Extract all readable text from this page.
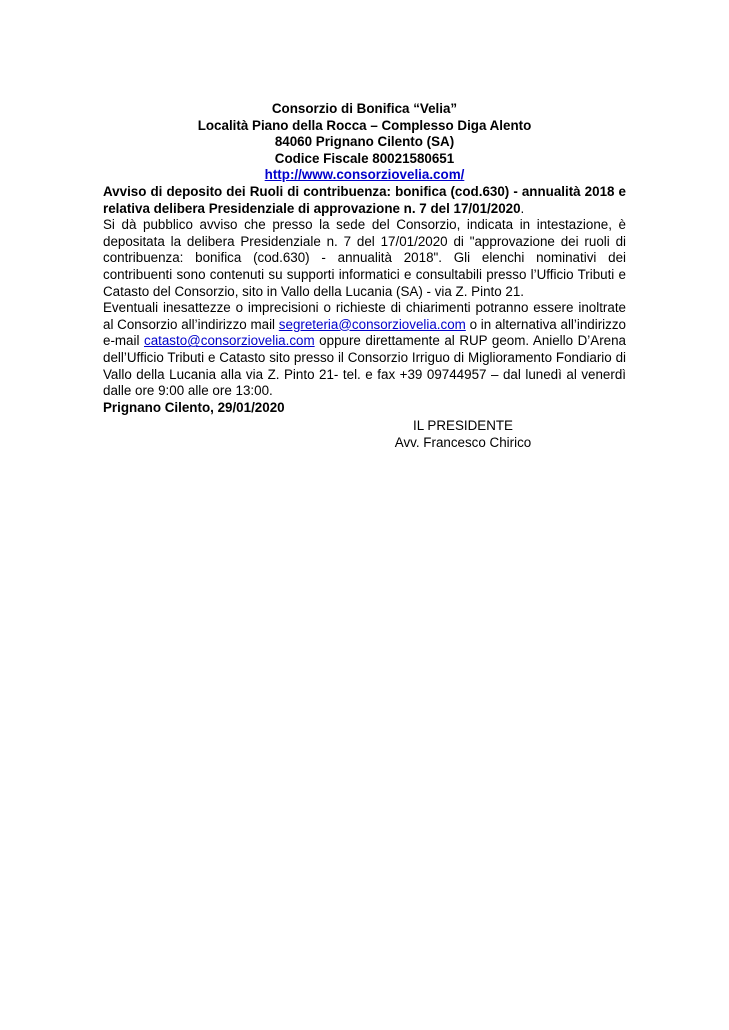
Consorzio di Bonifica “Velia”
Località Piano della Rocca – Complesso Diga Alento
84060 Prignano Cilento (SA)
Codice Fiscale 80021580651
http://www.consorziovelia.com/
Avviso di deposito dei Ruoli di contribuenza: bonifica (cod.630) - annualità 2018 e relativa delibera Presidenziale di approvazione n. 7 del 17/01/2020.
Si dà pubblico avviso che presso la sede del Consorzio, indicata in intestazione, è depositata la delibera Presidenziale n. 7 del 17/01/2020 di "approvazione dei ruoli di contribuenza: bonifica (cod.630) - annualità 2018". Gli elenchi nominativi dei contribuenti sono contenuti su supporti informatici e consultabili presso l’Ufficio Tributi e Catasto del Consorzio, sito in Vallo della Lucania (SA) - via Z. Pinto 21.
Eventuali inesattezze o imprecisioni o richieste di chiarimenti potranno essere inoltrate al Consorzio all’indirizzo mail segreteria@consorziovelia.com o in alternativa all’indirizzo e-mail catasto@consorziovelia.com oppure direttamente al RUP geom. Aniello D’Arena dell’Ufficio Tributi e Catasto sito presso il Consorzio Irriguo di Miglioramento Fondiario di Vallo della Lucania alla via Z. Pinto 21- tel. e fax +39 09744957 – dal lunedì al venerdì dalle ore 9:00 alle ore 13:00.
Prignano Cilento, 29/01/2020
IL PRESIDENTE
Avv. Francesco Chirico
